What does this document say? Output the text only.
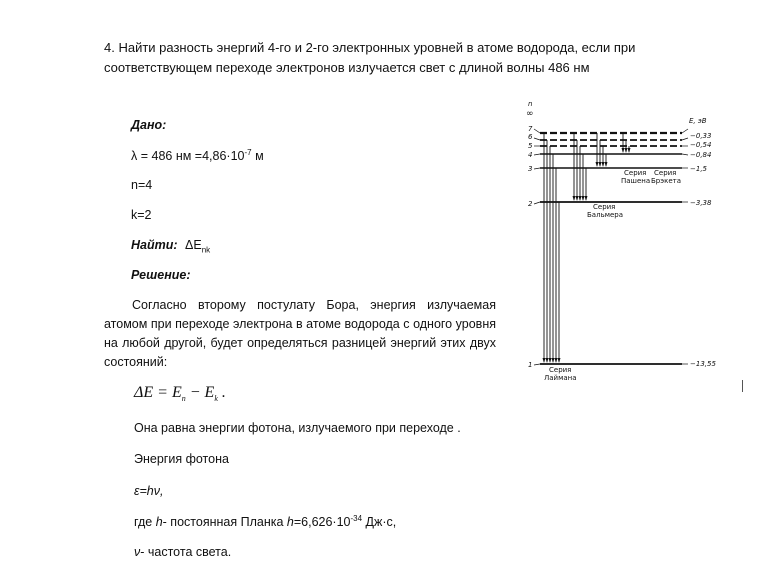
4. Найти разность энергий 4-го и 2-го электронных уровней в атоме водорода, если при
соответствующем переходе электронов излучается свет с длиной волны 486 нм
Дано:
λ = 486 нм $=4,86\cdot 10^{-7}$ м
n=4
k=2
Найти: $\Delta E_{nk}$
Решение:

Согласно второму постулату Бора, энергия излучаемая атомом при переходе электрона в атоме водорода с одного уровня на любой другой, будет определяться разницей энергий этих двух состояний:

$\Delta E = E_n - E_k$ .
Она равна энергии фотона, излучаемого при переходе .
Энергия фотона
ε=hν,
где h- постоянная Планка $h=6,626\cdot 10^{-34}$ Дж·с,
ν- частота света.
n
∞
E, эВ
7
6
5
4
3
2
1
−0,33
−0,54
−0,84
−1,5
−3,38
−13,55
Серия
Пашена
Серия
Брэкета
Серия
Бальмера
Серия
Лаймана
